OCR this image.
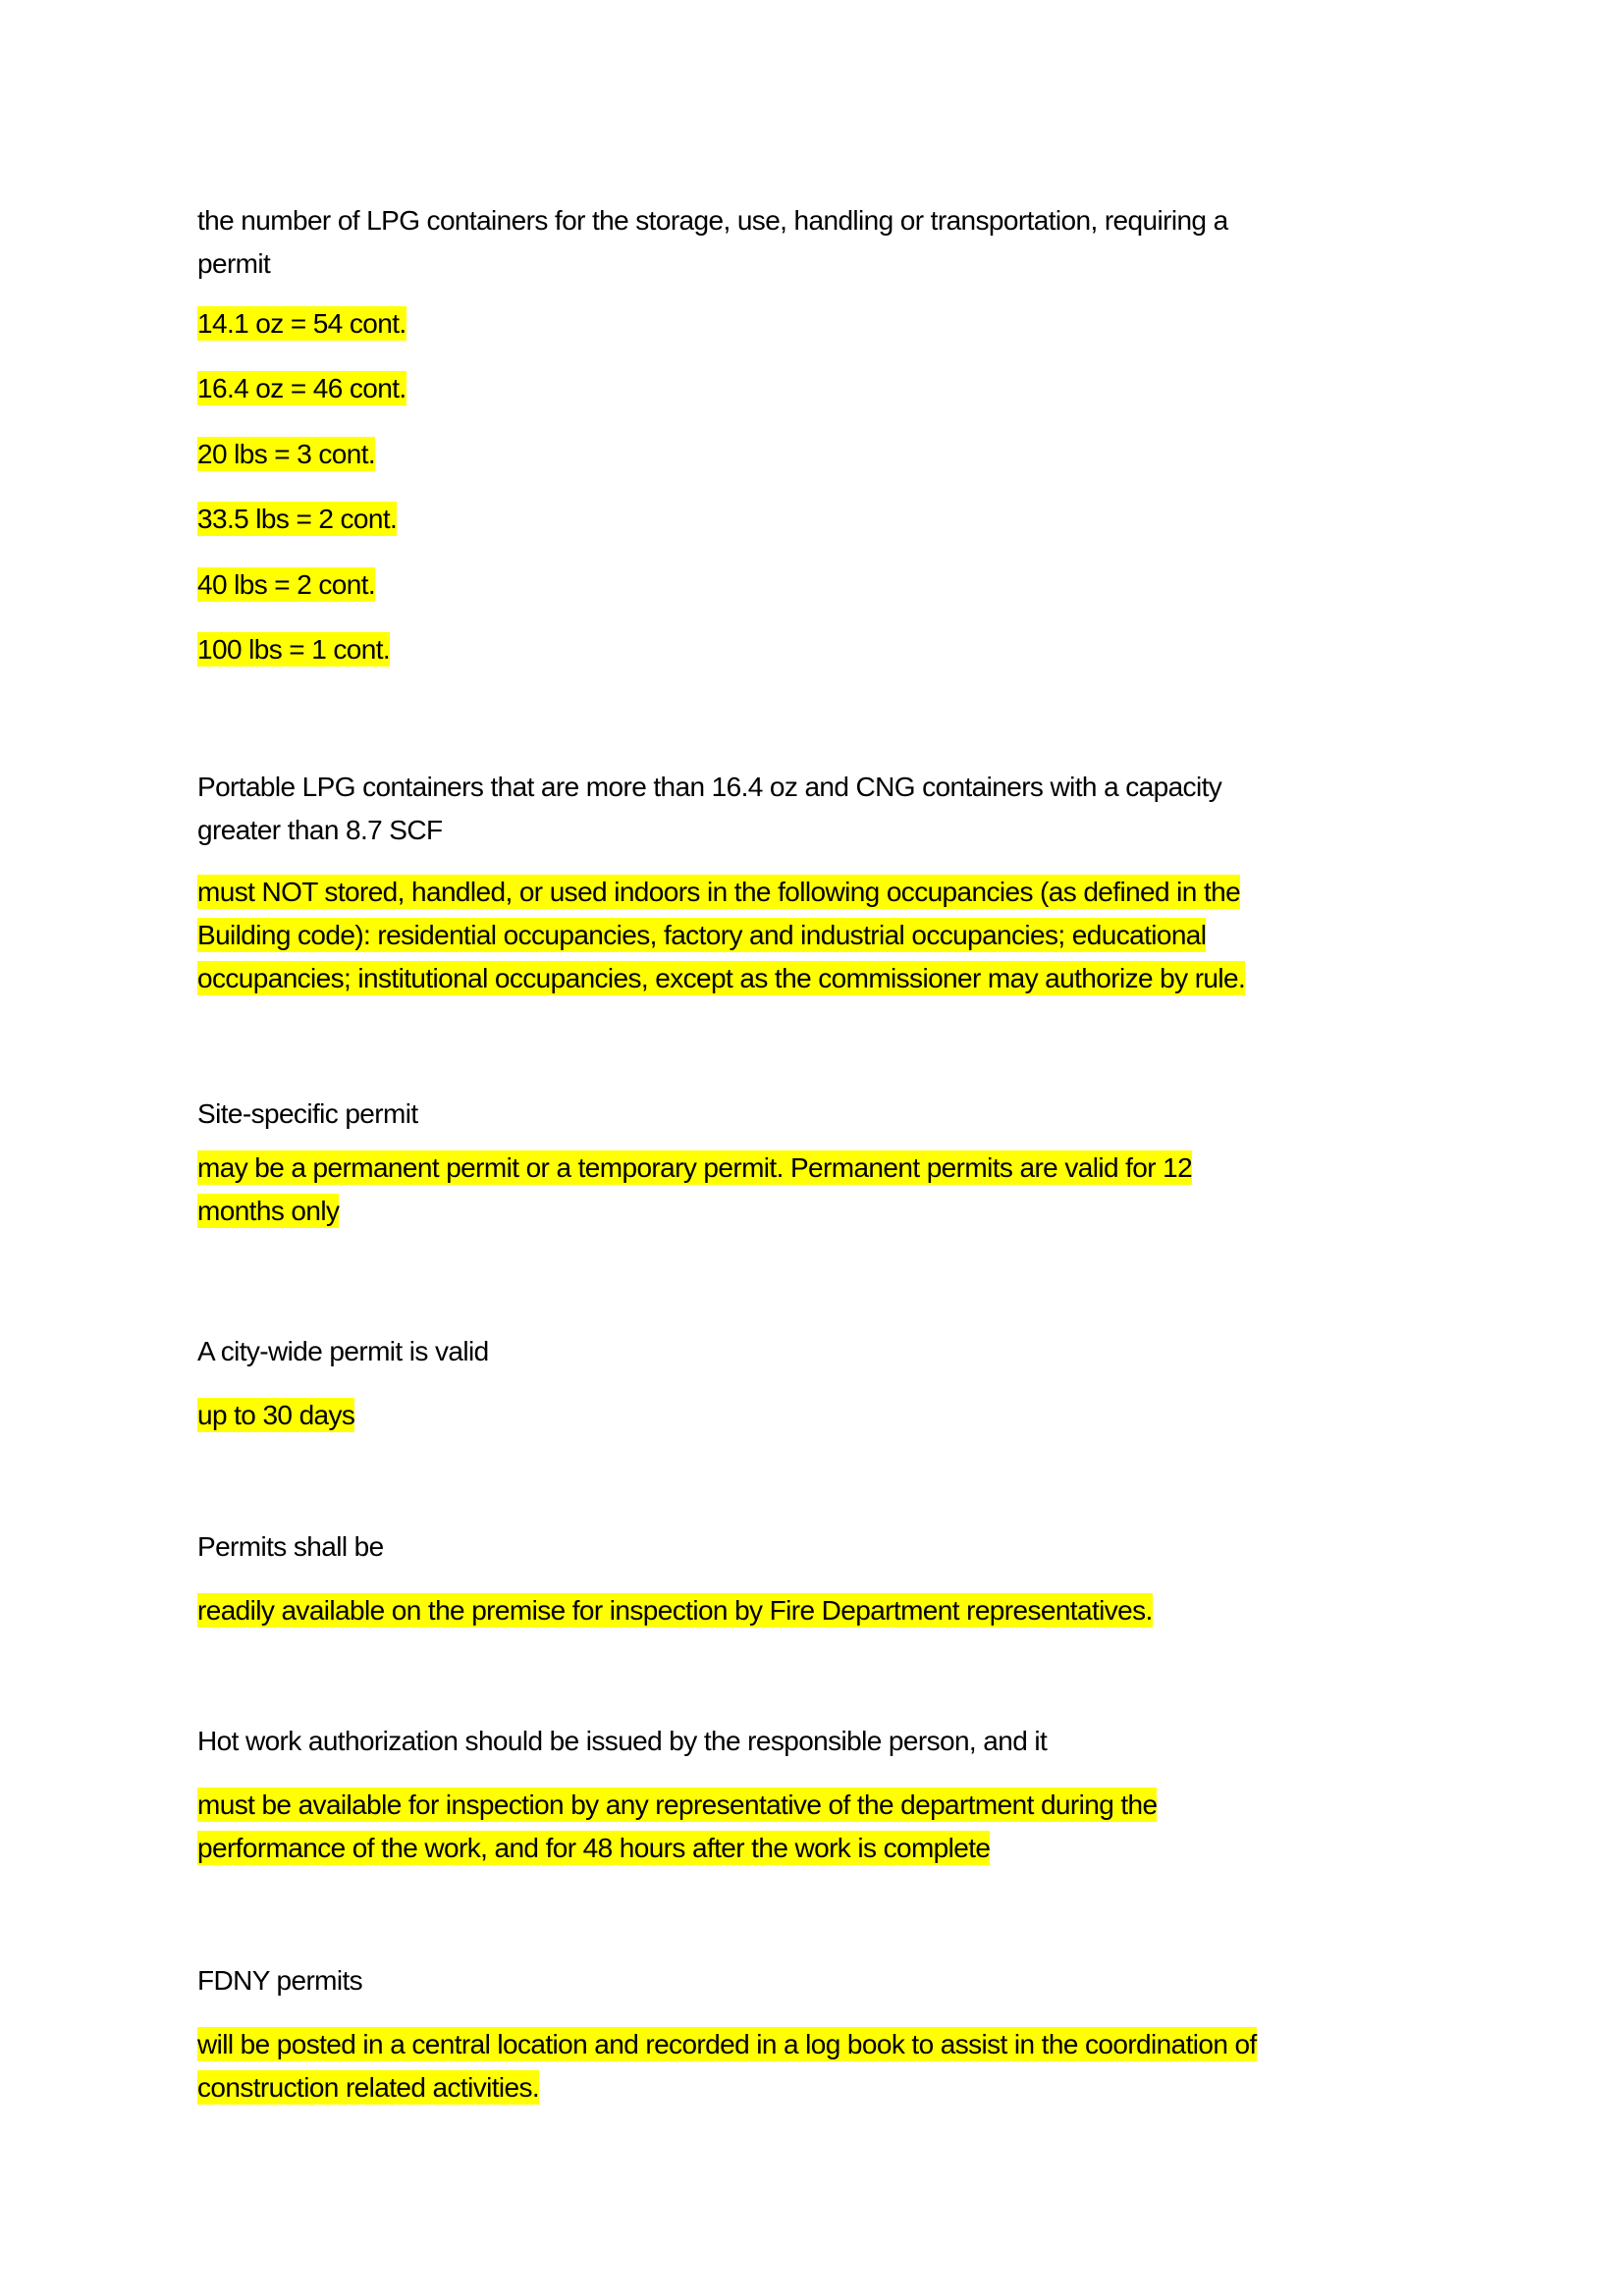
the number of LPG containers for the storage, use, handling or transportation, requiring a
permit

14.1 oz = 54 cont.

16.4 oz = 46 cont.

20 lbs = 3 cont.

33.5 lbs = 2 cont.

40 lbs = 2 cont.

100 lbs = 1 cont.

Portable LPG containers that are more than 16.4 oz and CNG containers with a capacity
greater than 8.7 SCF

must NOT stored, handled, or used indoors in the following occupancies (as defined in the
Building code): residential occupancies, factory and industrial occupancies; educational
occupancies; institutional occupancies, except as the commissioner may authorize by rule.

Site-specific permit

may be a permanent permit or a temporary permit. Permanent permits are valid for 12
months only

A city-wide permit is valid

up to 30 days

Permits shall be

readily available on the premise for inspection by Fire Department representatives.

Hot work authorization should be issued by the responsible person, and it

must be available for inspection by any representative of the department during the
performance of the work, and for 48 hours after the work is complete

FDNY permits

will be posted in a central location and recorded in a log book to assist in the coordination of
construction related activities.
